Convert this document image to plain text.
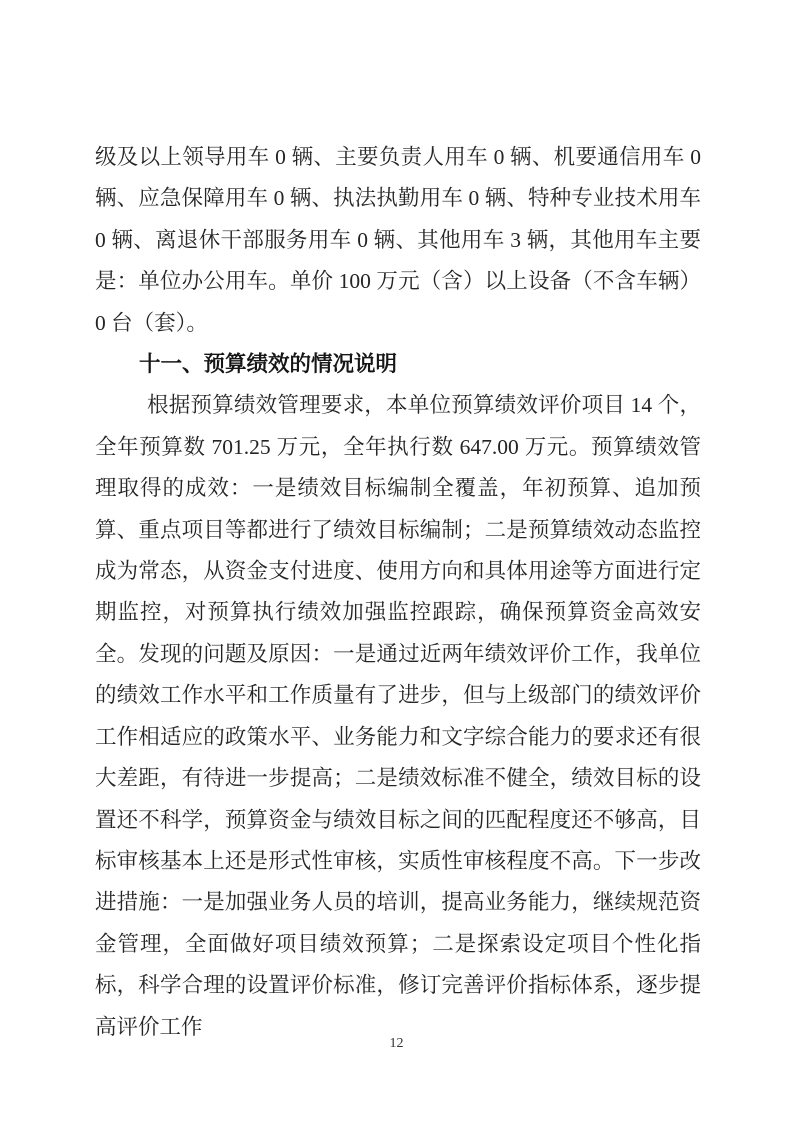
级及以上领导用车 0 辆、主要负责人用车 0 辆、机要通信用车 0 辆、应急保障用车 0 辆、执法执勤用车 0 辆、特种专业技术用车 0 辆、离退休干部服务用车 0 辆、其他用车 3 辆，其他用车主要是：单位办公用车。单价 100 万元（含）以上设备（不含车辆）0 台（套）。

十一、预算绩效的情况说明

根据预算绩效管理要求，本单位预算绩效评价项目 14 个，全年预算数 701.25 万元，全年执行数 647.00 万元。预算绩效管理取得的成效：一是绩效目标编制全覆盖，年初预算、追加预算、重点项目等都进行了绩效目标编制；二是预算绩效动态监控成为常态，从资金支付进度、使用方向和具体用途等方面进行定期监控，对预算执行绩效加强监控跟踪，确保预算资金高效安全。发现的问题及原因：一是通过近两年绩效评价工作，我单位的绩效工作水平和工作质量有了进步，但与上级部门的绩效评价工作相适应的政策水平、业务能力和文字综合能力的要求还有很大差距，有待进一步提高；二是绩效标准不健全，绩效目标的设置还不科学，预算资金与绩效目标之间的匹配程度还不够高，目标审核基本上还是形式性审核，实质性审核程度不高。下一步改进措施：一是加强业务人员的培训，提高业务能力，继续规范资金管理，全面做好项目绩效预算；二是探索设定项目个性化指标，科学合理的设置评价标准，修订完善评价指标体系，逐步提高评价工作

12
